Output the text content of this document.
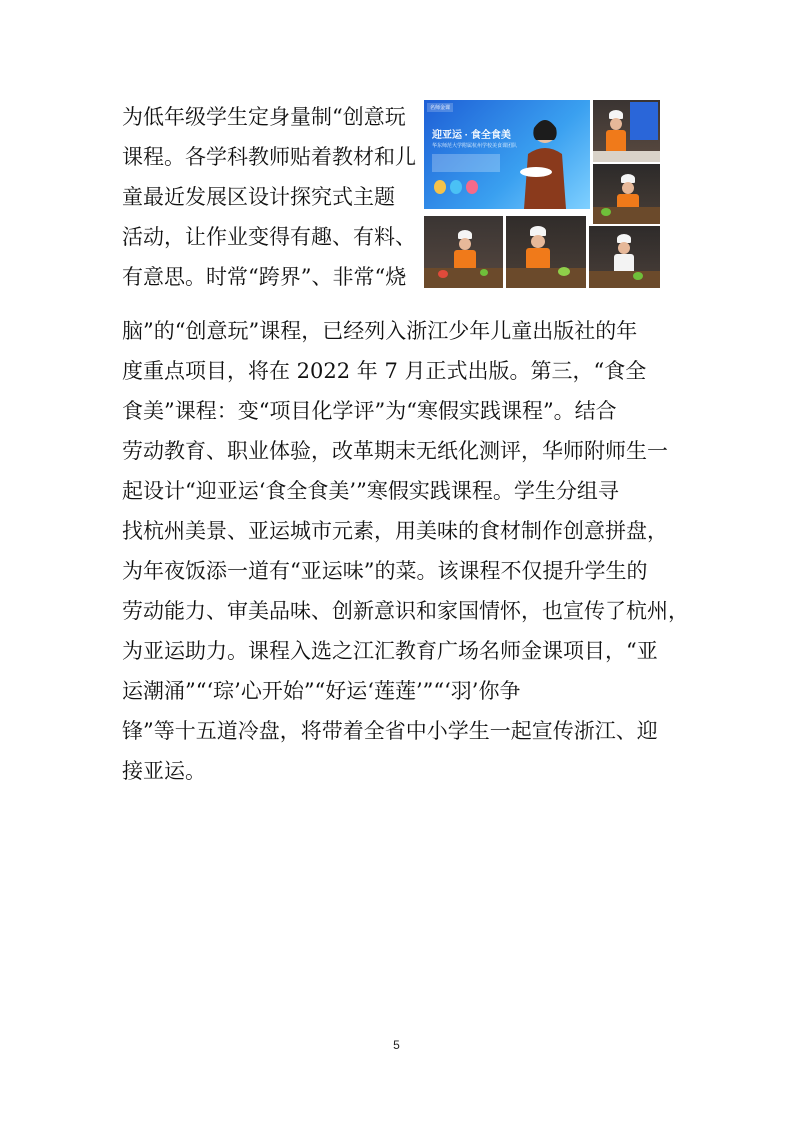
为低年级学生定身量制“创意玩
课程。各学科教师贴着教材和儿
童最近发展区设计探究式主题
活动，让作业变得有趣、有料、
有意思。时常“跨界”、非常“烧
脑”的“创意玩”课程，已经列入浙江少年儿童出版社的年
度重点项目，将在 2022 年 7 月正式出版。第三，“食全
食美”课程：变“项目化学评”为“寒假实践课程”。结合
劳动教育、职业体验，改革期末无纸化测评，华师附师生一
起设计“迎亚运‘食全食美’”寒假实践课程。学生分组寻
找杭州美景、亚运城市元素，用美味的食材制作创意拼盘，
为年夜饭添一道有“亚运味”的菜。该课程不仅提升学生的
劳动能力、审美品味、创新意识和家国情怀，也宣传了杭州，
为亚运助力。课程入选之江汇教育广场名师金课项目，“亚
运潮涌”“‘琮’心开始”“好运‘莲莲’”“‘羽’你争
锋”等十五道冷盘，将带着全省中小学生一起宣传浙江、迎
接亚运。
名师金课
迎亚运 · 食全食美
华东师范大学附属杭州学校美食课团队
5
